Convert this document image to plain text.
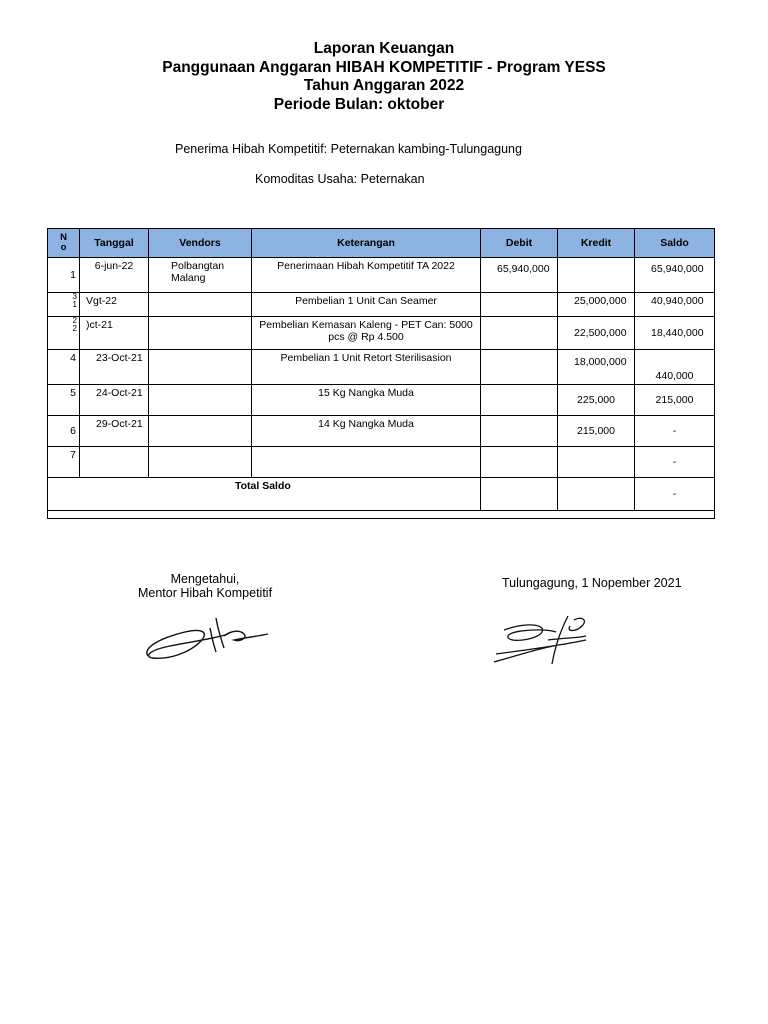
Laporan Keuangan
Panggunaan Anggaran HIBAH KOMPETITIF - Program YESS
Tahun Anggaran 2022
Periode Bulan: oktober
Penerima Hibah Kompetitif: Peternakan kambing-Tulungagung
Komoditas Usaha: Peternakan
No	Tanggal	Vendors	Keterangan	Debit	Kredit	Saldo
1	6-jun-22	Polbangtan Malang	Penerimaan Hibah Kompetitif TA 2022	65,940,000		65,940,000
31	Vgt-22		Pembelian 1 Unit Can Seamer		25,000,000	40,940,000
22	)ct-21		Pembelian Kemasan Kaleng - PET Can: 5000 pcs @ Rp 4.500		22,500,000	18,440,000
4	23-Oct-21		Pembelian 1 Unit Retort Sterilisasion		18,000,000	440,000
5	24-Oct-21		15 Kg Nangka Muda		225,000	215,000
6	29-Oct-21		14 Kg Nangka Muda		215,000	-
7						-
Total Saldo						-

Mengetahui,
Mentor Hibah Kompetitif
Tulungagung, 1 Nopember 2021
